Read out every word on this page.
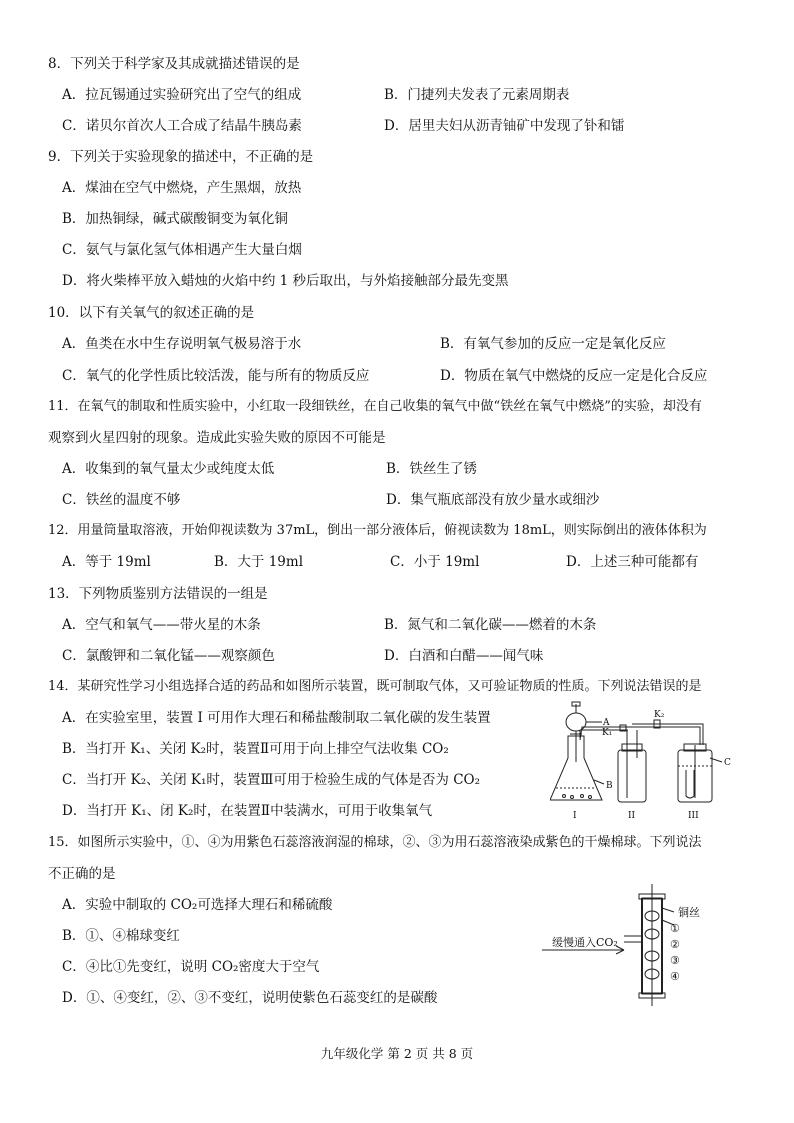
8．下列关于科学家及其成就描述错误的是
A．拉瓦锡通过实验研究出了空气的组成	B．门捷列夫发表了元素周期表
C．诺贝尔首次人工合成了结晶牛胰岛素	D．居里夫妇从沥青铀矿中发现了钋和镭
9．下列关于实验现象的描述中，不正确的是
A．煤油在空气中燃烧，产生黑烟，放热
B．加热铜绿，碱式碳酸铜变为氧化铜
C．氨气与氯化氢气体相遇产生大量白烟
D．将火柴棒平放入蜡烛的火焰中约 1 秒后取出，与外焰接触部分最先变黑
10．以下有关氧气的叙述正确的是
A．鱼类在水中生存说明氧气极易溶于水	B．有氧气参加的反应一定是氧化反应
C．氧气的化学性质比较活泼，能与所有的物质反应	D．物质在氧气中燃烧的反应一定是化合反应
11．在氧气的制取和性质实验中，小红取一段细铁丝，在自己收集的氧气中做“铁丝在氧气中燃烧”的实验，却没有
观察到火星四射的现象。造成此实验失败的原因不可能是
A．收集到的氧气量太少或纯度太低	B．铁丝生了锈
C．铁丝的温度不够	D．集气瓶底部没有放少量水或细沙
12．用量筒量取溶液，开始仰视读数为 37mL，倒出一部分液体后，俯视读数为 18mL，则实际倒出的液体体积为
A．等于 19ml	B．大于 19ml	C．小于 19ml	D．上述三种可能都有
13．下列物质鉴别方法错误的一组是
A．空气和氧气——带火星的木条	B．氮气和二氧化碳——燃着的木条
C．氯酸钾和二氧化锰——观察颜色	D．白酒和白醋——闻气味
14．某研究性学习小组选择合适的药品和如图所示装置，既可制取气体，又可验证物质的性质。下列说法错误的是
A．在实验室里，装置 I 可用作大理石和稀盐酸制取二氧化碳的发生装置
B．当打开 K₁、关闭 K₂时，装置Ⅱ可用于向上排空气法收集 CO₂
C．当打开 K₂、关闭 K₁时，装置Ⅲ可用于检验生成的气体是否为 CO₂
D．当打开 K₁、闭 K₂时，在装置Ⅱ中装满水，可用于收集氧气
A
B
C
K₁
K₂
I	II	III
15．如图所示实验中，①、④为用紫色石蕊溶液润湿的棉球，②、③为用石蕊溶液染成紫色的干燥棉球。下列说法
不正确的是
A．实验中制取的 CO₂可选择大理石和稀硫酸
B．①、④棉球变红
C．④比①先变红，说明 CO₂密度大于空气
D．①、④变红，②、③不变红，说明使紫色石蕊变红的是碳酸
缓慢通入CO₂
铜丝
①
②
③
④
九年级化学 第 2 页 共 8 页
